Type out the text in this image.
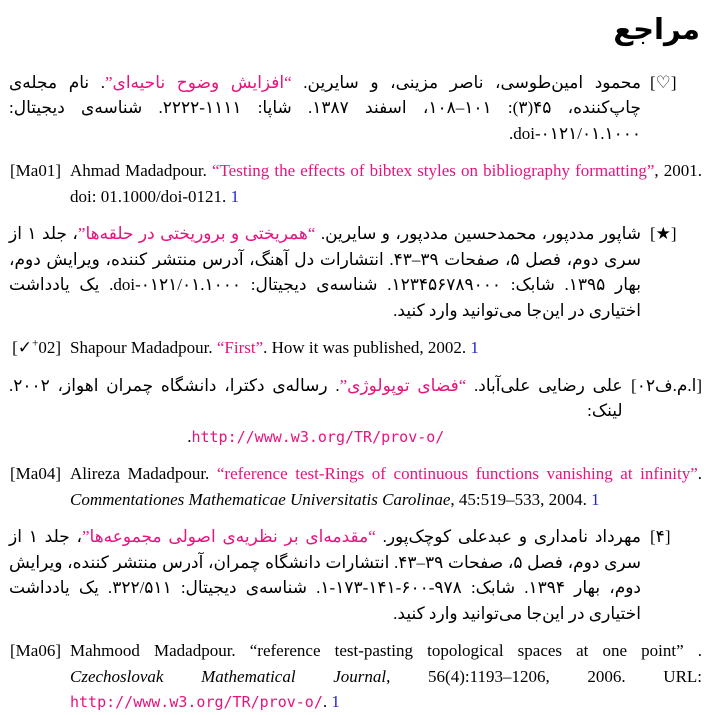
مراجع
[♡]
محمود امین‌طوسی، ناصر مزینی، و سایرین. “افزایش وضوح ناحیه‌ای”. نام مجله‌ی چاپ‌کننده، ۴۵(۳): ۱۰۱–۱۰۸، اسفند ۱۳۸۷. شاپا: ۱۱۱۱-۲۲۲۲. شناسه‌ی دیجیتال: ۰۱.۱۰۰۰/doi-۰۱۲۱.
[Ma01] Ahmad Madadpour. “Testing the effects of bibtex styles on bibliography formatting”, 2001. doi: 01.1000/doi-0121. 1
[★]
شاپور مددپور، محمدحسین مددپور، و سایرین. “همریختی و بروریختی در حلقه‌ها”، جلد ۱ از سری دوم، فصل ۵، صفحات ۳۹–۴۳. انتشارات دل آهنگ، آدرس منتشر کننده، ویرایش دوم، بهار ۱۳۹۵. شابک: ۱۲۳۴۵۶۷۸۹۰۰۰. شناسه‌ی دیجیتال: ۰۱.۱۰۰۰/doi-۰۱۲۱. یک یادداشت اختیاری در این‌جا می‌توانید وارد کنید.
[✓+02] Shapour Madadpour. “First”. How it was published, 2002. 1
[ا.م.ف۰۲]
علی رضایی علی‌آباد. “فضای توپولوژی”. رساله‌ی دکترا، دانشگاه چمران اهواز، ۲۰۰۲. لینک:
http://www.w3.org/TR/prov-o/.
[Ma04] Alireza Madadpour. “reference test-Rings of continuous functions vanishing at infinity”. Commentationes Mathematicae Universitatis Carolinae, 45:519–533, 2004. 1
[۴]
مهرداد نامداری و عبدعلی کوچک‌پور. “مقدمه‌ای بر نظریه‌ی اصولی مجموعه‌ها”، جلد ۱ از سری دوم، فصل ۵، صفحات ۳۹–۴۳. انتشارات دانشگاه چمران، آدرس منتشر کننده، ویرایش دوم، بهار ۱۳۹۴. شابک: ۹۷۸-۶۰۰-۱۴۱-۱۷۳-۱. شناسه‌ی دیجیتال: ۳۲۲/۵۱۱. یک یادداشت اختیاری در این‌جا می‌توانید وارد کنید.
[Ma06] Mahmood Madadpour. “reference test-pasting topological spaces at one point” . Czechoslovak Mathematical Journal, 56(4):1193–1206, 2006. URL: http://www.w3.org/TR/prov-o/. 1
